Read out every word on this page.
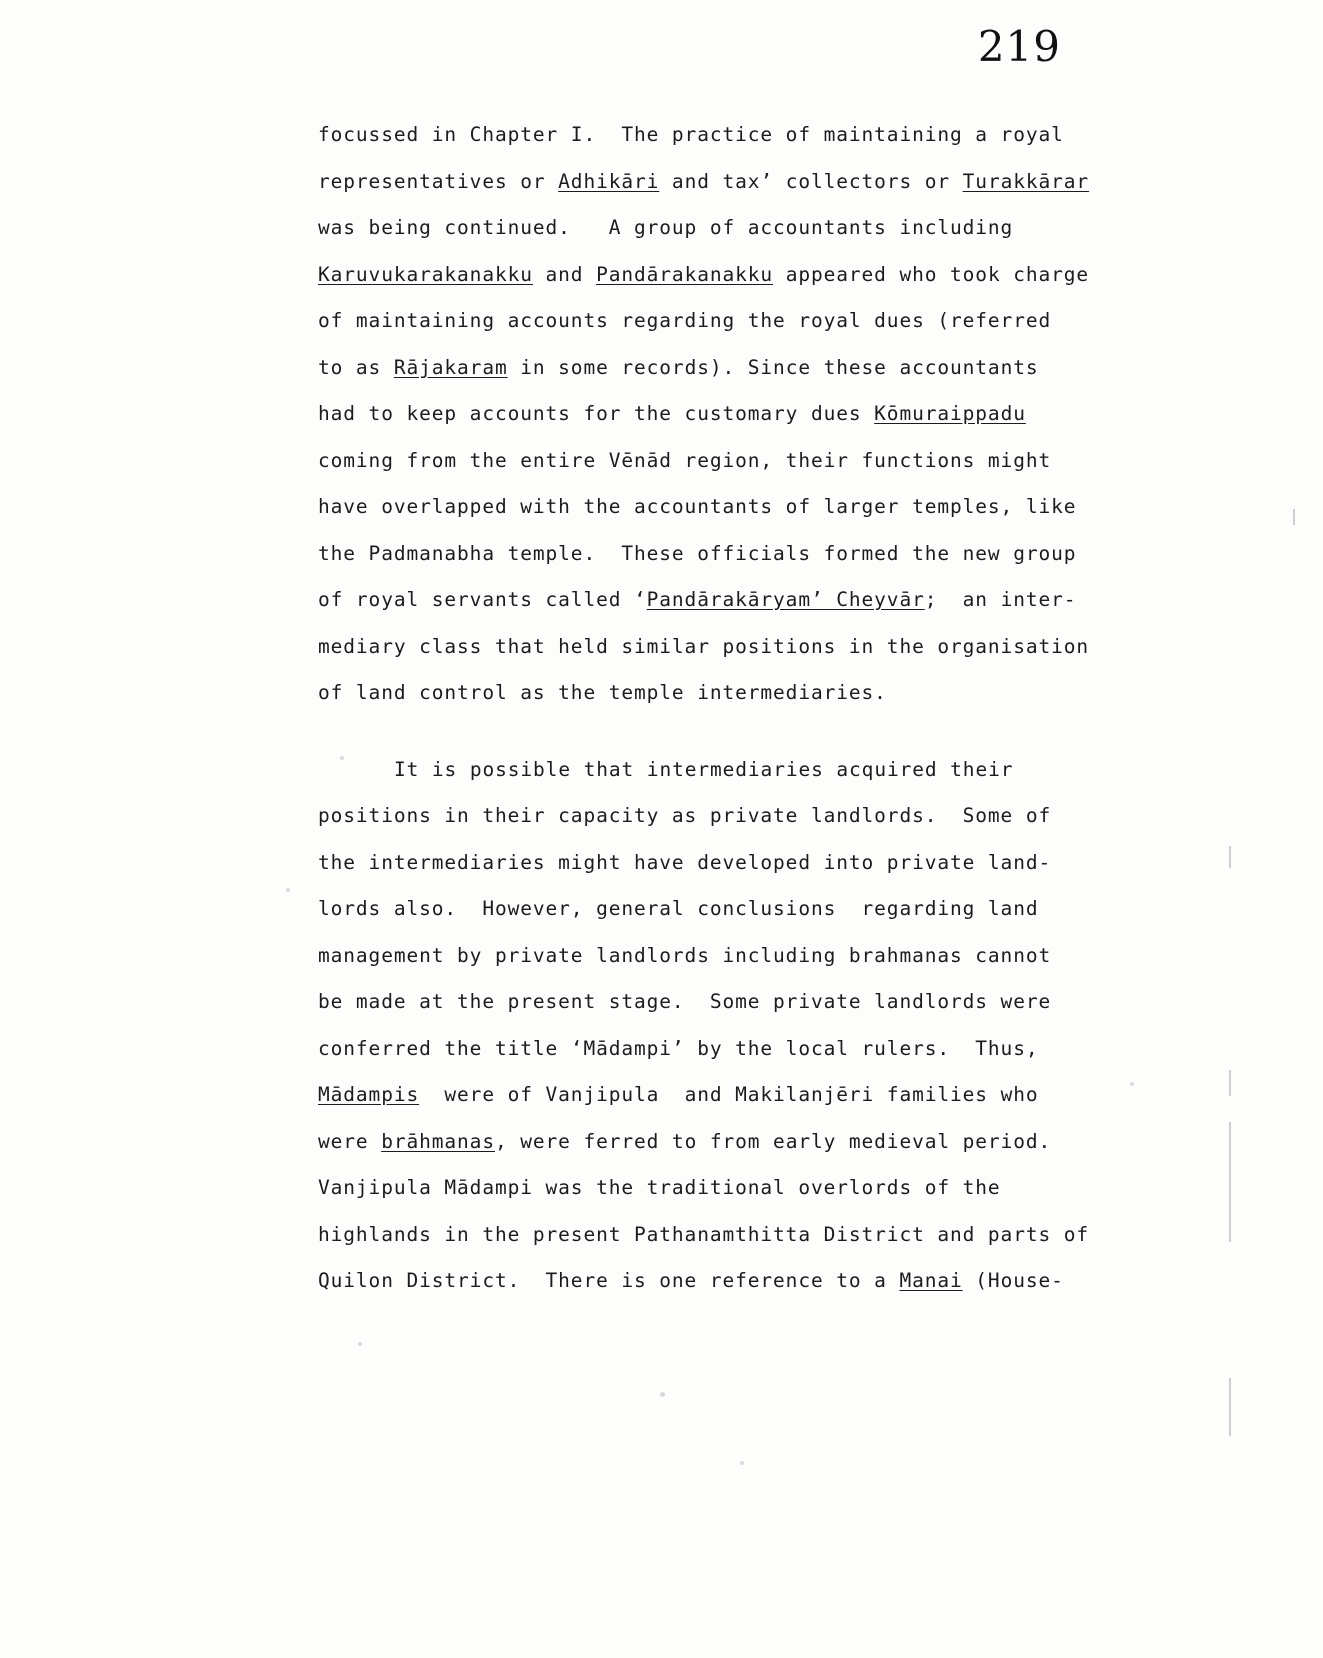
219
focussed in Chapter I.  The practice of maintaining a royal
representatives or Adhikāri and tax’ collectors or Turakkārar
was being continued.   A group of accountants including
Karuvukarakanakku and Pandārakanakku appeared who took charge
of maintaining accounts regarding the royal dues (referred
to as Rājakaram in some records). Since these accountants
had to keep accounts for the customary dues Kōmuraippadu
coming from the entire Vēnād region, their functions might
have overlapped with the accountants of larger temples, like
the Padmanabha temple.  These officials formed the new group
of royal servants called ‘Pandārakāryam’ Cheyvār;  an inter-
mediary class that held similar positions in the organisation
of land control as the temple intermediaries.
It is possible that intermediaries acquired their
positions in their capacity as private landlords.  Some of
the intermediaries might have developed into private land-
lords also.  However, general conclusions  regarding land
management by private landlords including brahmanas cannot
be made at the present stage.  Some private landlords were
conferred the title ‘Mādampi’ by the local rulers.  Thus,
Mādampis  were of Vanjipula  and Makilanjēri families who
were brāhmanas, were ferred to from early medieval period.
Vanjipula Mādampi was the traditional overlords of the
highlands in the present Pathanamthitta District and parts of
Quilon District.  There is one reference to a Manai (House-
